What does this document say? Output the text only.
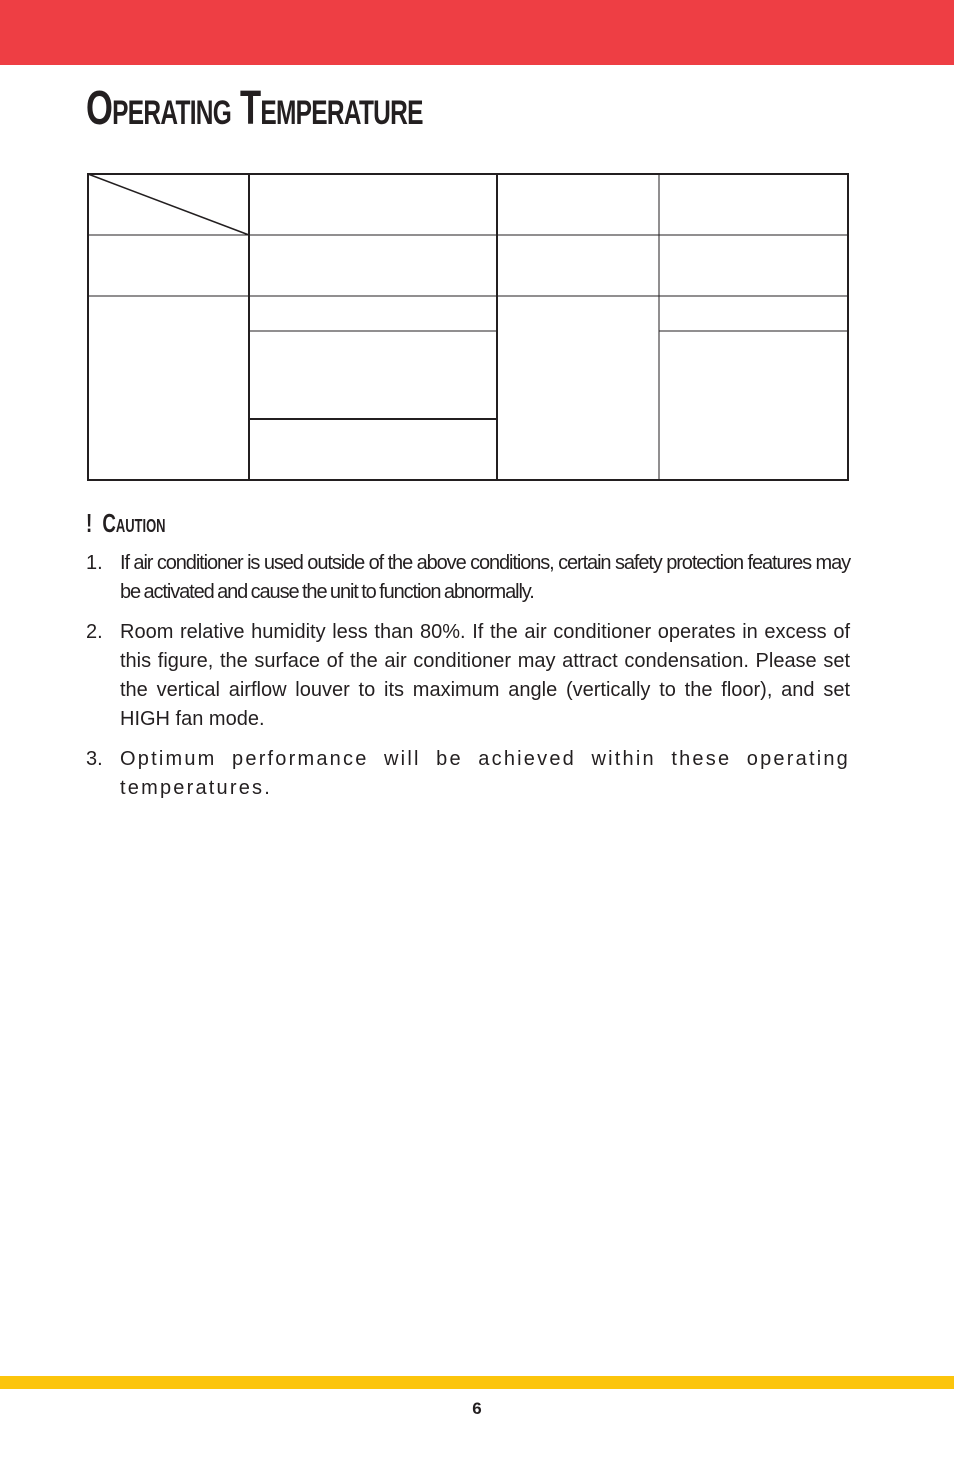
Operating Temperature
! Caution
1. If air conditioner is used outside of the above conditions, certain safety protection features may be activated and cause the unit to function abnormally.
2. Room relative humidity less than 80%. If the air conditioner operates in excess of this figure, the surface of the air conditioner may attract condensation. Please set the vertical airflow louver to its maximum angle (vertically to the floor), and set HIGH fan mode.
3. Optimum performance will be achieved within these operating temperatures.
6
